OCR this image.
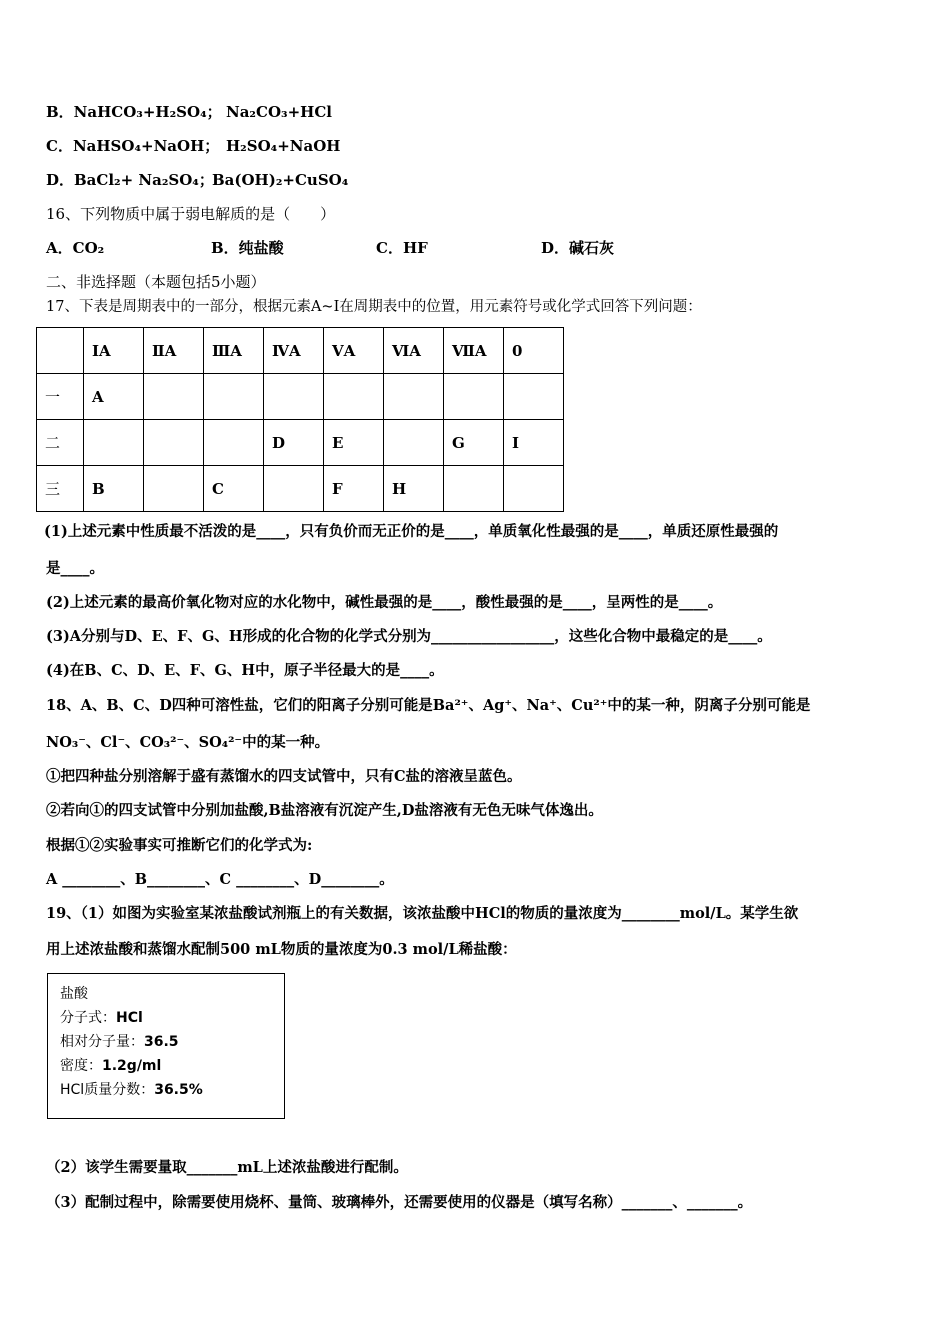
B．NaHCO₃+H₂SO₄； Na₂CO₃+HCl
C．NaHSO₄+NaOH； H₂SO₄+NaOH
D．BaCl₂+ Na₂SO₄；Ba(OH)₂+CuSO₄
16、下列物质中属于弱电解质的是（　　）
A．CO₂	B．纯盐酸	C．HF	D．碱石灰
二、非选择题（本题包括5小题）
17、下表是周期表中的一部分，根据元素A~I在周期表中的位置，用元素符号或化学式回答下列问题：
	ⅠA	ⅡA	ⅢA	ⅣA	ⅤA	ⅥA	ⅦA	0
一	A							
二				D	E		G	I
三	B		C		F	H		
(1)上述元素中性质最不活泼的是____，只有负价而无正价的是____，单质氧化性最强的是____，单质还原性最强的
是____。
(2)上述元素的最高价氧化物对应的水化物中，碱性最强的是____，酸性最强的是____，呈两性的是____。
(3)A分别与D、E、F、G、H形成的化合物的化学式分别为_________________，这些化合物中最稳定的是____。
(4)在B、C、D、E、F、G、H中，原子半径最大的是____。
18、A、B、C、D四种可溶性盐，它们的阳离子分别可能是Ba²⁺、Ag⁺、Na⁺、Cu²⁺中的某一种，阴离子分别可能是
NO₃⁻、Cl⁻、CO₃²⁻、SO₄²⁻中的某一种。
①把四种盐分别溶解于盛有蒸馏水的四支试管中，只有C盐的溶液呈蓝色。
②若向①的四支试管中分别加盐酸,B盐溶液有沉淀产生,D盐溶液有无色无味气体逸出。
根据①②实验事实可推断它们的化学式为:
A ________、B________、C ________、D________。
19、（1）如图为实验室某浓盐酸试剂瓶上的有关数据，该浓盐酸中HCl的物质的量浓度为________mol/L。某学生欲
用上述浓盐酸和蒸馏水配制500 mL物质的量浓度为0.3 mol/L稀盐酸：
盐酸
分子式：HCl
相对分子量：36.5
密度：1.2g/ml
HCl质量分数：36.5%
（2）该学生需要量取_______mL上述浓盐酸进行配制。
（3）配制过程中，除需要使用烧杯、量筒、玻璃棒外，还需要使用的仪器是（填写名称）_______、_______。
